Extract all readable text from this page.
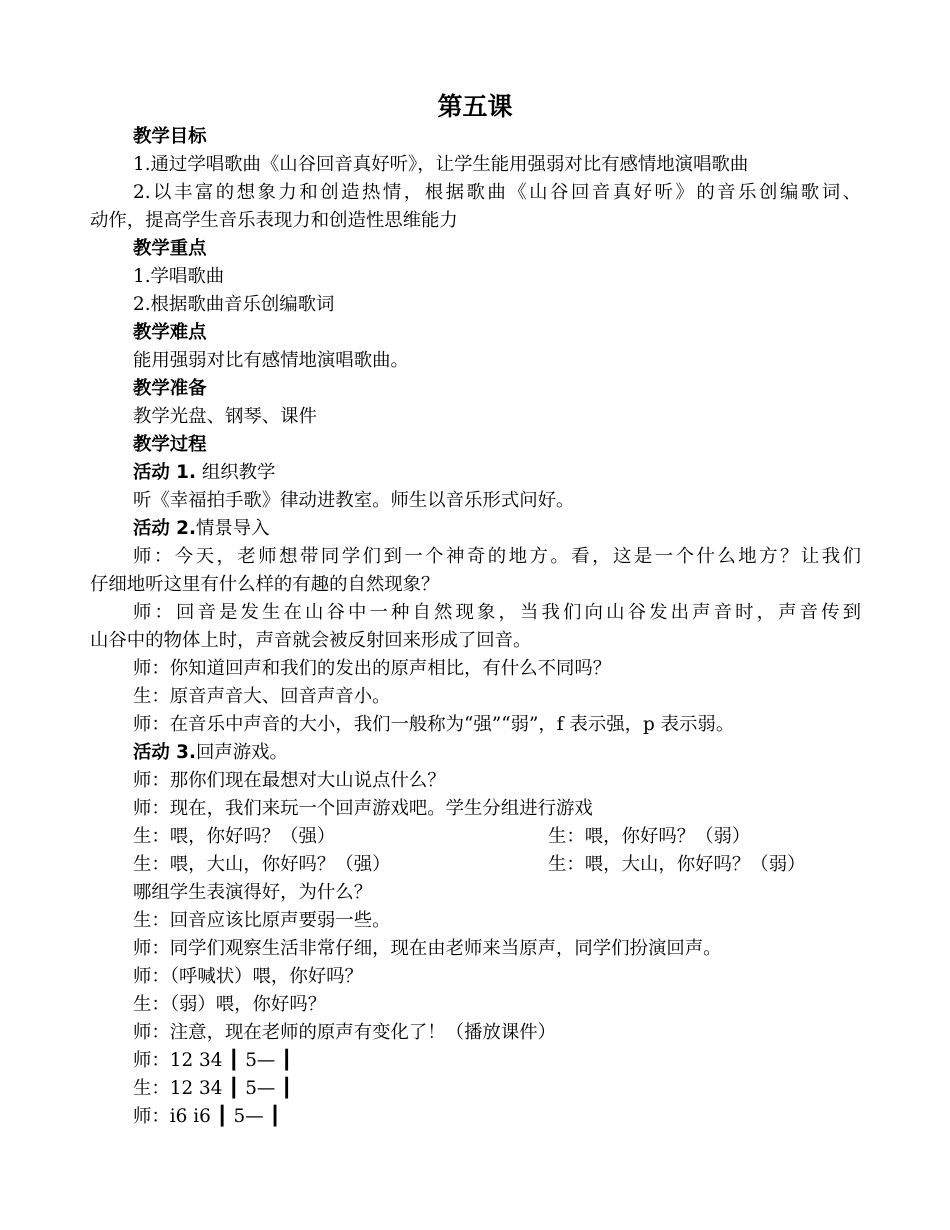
第五课
教学目标
1.通过学唱歌曲《山谷回音真好听》，让学生能用强弱对比有感情地演唱歌曲
2.以丰富的想象力和创造热情，根据歌曲《山谷回音真好听》的音乐创编歌词、
动作，提高学生音乐表现力和创造性思维能力
教学重点
1.学唱歌曲
2.根据歌曲音乐创编歌词
教学难点
能用强弱对比有感情地演唱歌曲。
教学准备
教学光盘、钢琴、课件
教学过程
活动 1. 组织教学
听《幸福拍手歌》律动进教室。师生以音乐形式问好。
活动 2.情景导入
师：今天，老师想带同学们到一个神奇的地方。看，这是一个什么地方？让我们
仔细地听这里有什么样的有趣的自然现象？
师：回音是发生在山谷中一种自然现象，当我们向山谷发出声音时，声音传到
山谷中的物体上时，声音就会被反射回来形成了回音。
师：你知道回声和我们的发出的原声相比，有什么不同吗？
生：原音声音大、回音声音小。
师：在音乐中声音的大小，我们一般称为“强”“弱”，f 表示强，p 表示弱。
活动 3.回声游戏。
师：那你们现在最想对大山说点什么？
师：现在，我们来玩一个回声游戏吧。学生分组进行游戏
生：喂，你好吗？（强）	生：喂，你好吗？（弱）
生：喂，大山，你好吗？（强）	生：喂，大山，你好吗？（弱）
哪组学生表演得好，为什么？
生：回音应该比原声要弱一些。
师：同学们观察生活非常仔细，现在由老师来当原声，同学们扮演回声。
师：（呼喊状）喂，你好吗？
生：（弱）喂，你好吗？
师：注意，现在老师的原声有变化了！（播放课件）
师：12 34 ┃ 5— ┃
生：12 34 ┃ 5— ┃
师：i6 i6 ┃ 5— ┃
